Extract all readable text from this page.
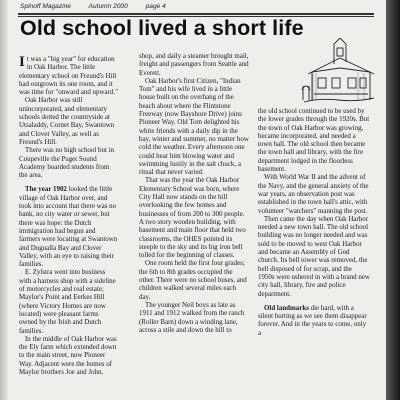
Spinoff Magazine	Autumn 2000	page 4
Old school lived a short life

It was a "big year" for education in Oak Harbor. The little elementary school on Freund's Hill had outgrown its one room, and it was time for "onward and upward."

Oak Harbor was still unincorporated, and elementary schools dotted the countryside at Utsaladdy, Cornet Bay, Swantown and Clover Valley, as well as Freund's Hill.

There was no high school but in Coupeville the Puget Sound Academy boarded students from the area.

The year 1902 looked the little village of Oak Harbor over, and took into account that there was no bank, no city water or sewer, but there was hope: the Dutch immigration had begun and farmers were locating at Swantown and Dugualla Bay and Clover Valley, with an eye to raising their families.

E. Zylstra went into business with a harness shop with a sideline of motorcycles and real estate; Maylor's Point and Eerkes Hill (where Victory Homes are now located) were pleasant farms owned by the Irish and Dutch families.

In the middle of Oak Harbor was the Ely farm which extended down to the main street, now Pioneer Way. Adjacent were the homes of Maylor brothers Joe and John,

shop, and daily a steamer brought mail, freight and passengers from Seattle and Everett.

Oak Harbor's first Citizen, "Indian Tom" and his wife lived in a little house built on the overhang of the beach about where the Flintstone Freeway (now Bayshore Drive) joins Pioneer Way. Old Tom delighted his white friends with a daily dip in the bay, winter and summer, no matter how cold the weather. Every afternoon one could hear him blowing water and swimming lustily in the salt chuck, a ritual that never varied.

That was the year the Oak Harbor Elementary School was born, where City Hall now stands on the hill overlooking the few homes and businesses of from 200 to 300 people. A two story wooden building, with basement and main floor that held two classrooms, the OHES pointed its steeple to the sky and its big iron bell tolled for the beginning of classes.

One room held the first four grades; the 6th to 8th grades occupied the other. There were no school buses, and children walked several miles each day.

The younger Neil boys as late as 1911 and 1912 walked from the ranch (Roller Barn) down a winding lane, across a stile and down the hill to

the old school continued to be used by the lower grades through the 1920s. But the town of Oak Harbor was growing, became incorporated, and needed a town hall. The old school then became the town hall and library, with the fire department lodged in the floorless basement.

With World War II and the advent of the Navy, and the general anxiety of the war years, an observation post was established in the town hall's attic, with volunteer "watchers" manning the post.

Then came the day when Oak Harbor needed a new town hall. The old school building was no longer needed and was sold to be moved to west Oak Harbor and became an Assembly of God church. Its bell tower was removed, the bell disposed of for scrap, and the 1950s were ushered in with a brand new city hall, library, fire and police department.

Old landmarks die hard, with a silent hurting as we see them disappear forever. And in the years to come, only a
